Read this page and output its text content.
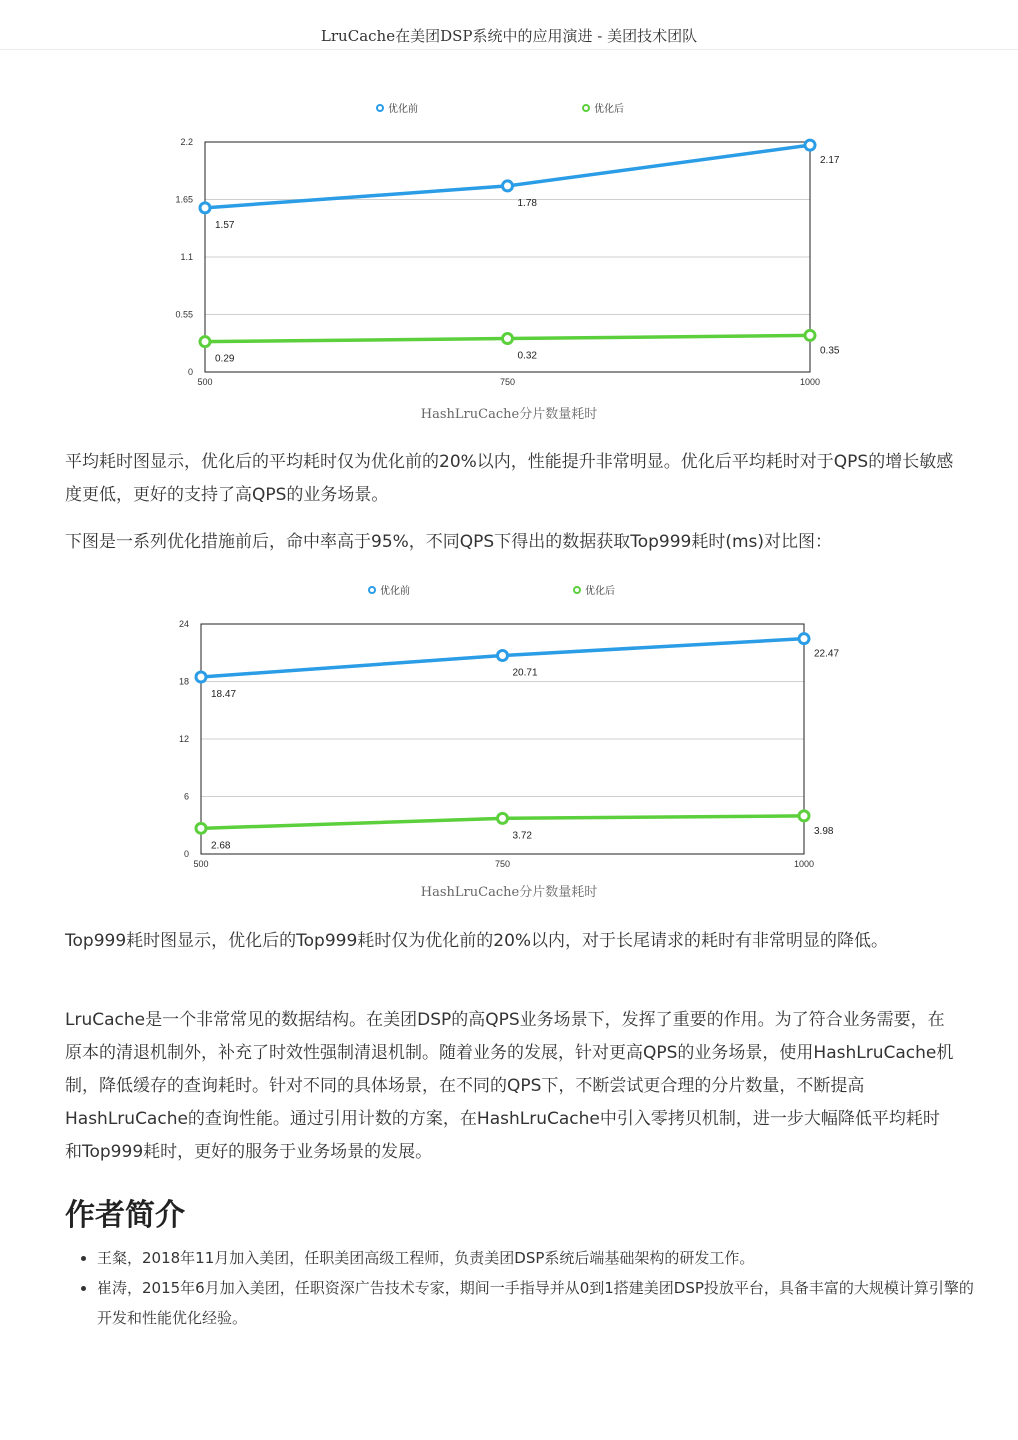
LruCache在美团DSP系统中的应用演进 - 美团技术团队
0
0.55
1.1
1.65
2.2
500	750	1000
优化前	优化后
1.57
1.78
2.17
0.29	0.32	0.35
HashLruCache分片数量耗时

平均耗时图显示，优化后的平均耗时仅为优化前的20%以内，性能提升非常明显。优化后平均耗时对于QPS的增长敏感度更低，更好的支持了高QPS的业务场景。

下图是一系列优化措施前后，命中率高于95%，不同QPS下得出的数据获取Top999耗时(ms)对比图：

0
6
12
18
24
500	750	1000
优化前	优化后
18.47
20.71
22.47
2.68
3.72	3.98
HashLruCache分片数量耗时

Top999耗时图显示，优化后的Top999耗时仅为优化前的20%以内，对于长尾请求的耗时有非常明显的降低。

LruCache是一个非常常见的数据结构。在美团DSP的高QPS业务场景下，发挥了重要的作用。为了符合业务需要，在原本的清退机制外，补充了时效性强制清退机制。随着业务的发展，针对更高QPS的业务场景，使用HashLruCache机制，降低缓存的查询耗时。针对不同的具体场景，在不同的QPS下，不断尝试更合理的分片数量，不断提高HashLruCache的查询性能。通过引用计数的方案，在HashLruCache中引入零拷贝机制，进一步大幅降低平均耗时和Top999耗时，更好的服务于业务场景的发展。

作者简介
• 王粲，2018年11月加入美团，任职美团高级工程师，负责美团DSP系统后端基础架构的研发工作。
• 崔涛，2015年6月加入美团，任职资深广告技术专家，期间一手指导并从0到1搭建美团DSP投放平台，具备丰富的大规模计算引擎的开发和性能优化经验。
